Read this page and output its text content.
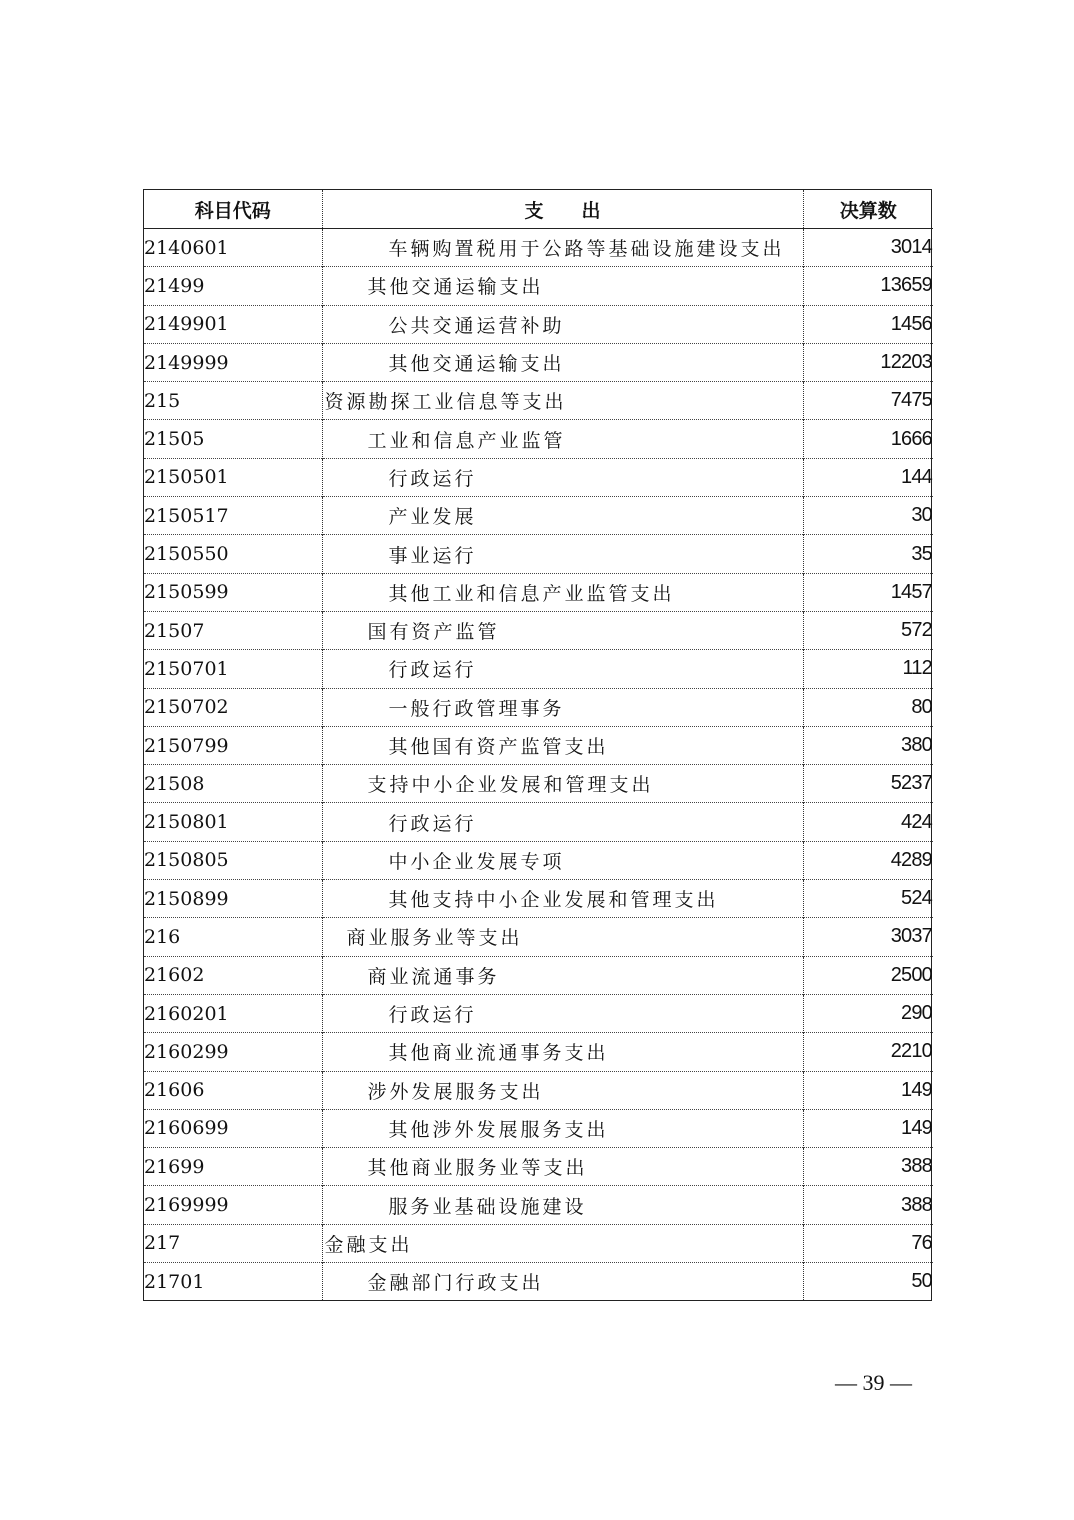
科目代码	支　　出	决算数
2140601	车辆购置税用于公路等基础设施建设支出	3014
21499	其他交通运输支出	13659
2149901	公共交通运营补助	1456
2149999	其他交通运输支出	12203
215	资源勘探工业信息等支出	7475
21505	工业和信息产业监管	1666
2150501	行政运行	144
2150517	产业发展	30
2150550	事业运行	35
2150599	其他工业和信息产业监管支出	1457
21507	国有资产监管	572
2150701	行政运行	112
2150702	一般行政管理事务	80
2150799	其他国有资产监管支出	380
21508	支持中小企业发展和管理支出	5237
2150801	行政运行	424
2150805	中小企业发展专项	4289
2150899	其他支持中小企业发展和管理支出	524
216	商业服务业等支出	3037
21602	商业流通事务	2500
2160201	行政运行	290
2160299	其他商业流通事务支出	2210
21606	涉外发展服务支出	149
2160699	其他涉外发展服务支出	149
21699	其他商业服务业等支出	388
2169999	服务业基础设施建设	388
217	金融支出	76
21701	金融部门行政支出	50
— 39 —
